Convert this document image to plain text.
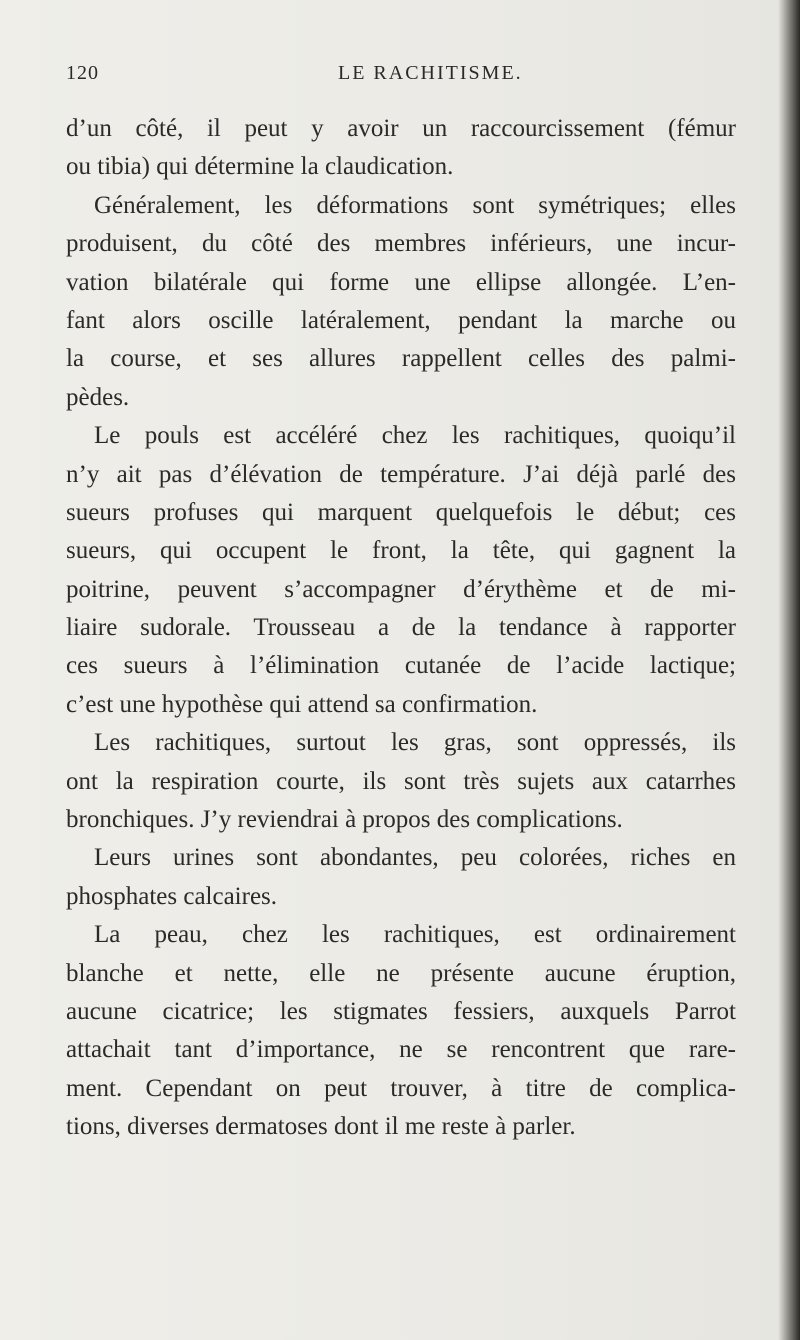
120	LE RACHITISME.
d’un côté, il peut y avoir un raccourcissement (fémur
ou tibia) qui détermine la claudication.
Généralement, les déformations sont symétriques; elles
produisent, du côté des membres inférieurs, une incur-
vation bilatérale qui forme une ellipse allongée. L’en-
fant alors oscille latéralement, pendant la marche ou
la course, et ses allures rappellent celles des palmi-
pèdes.
Le pouls est accéléré chez les rachitiques, quoiqu’il
n’y ait pas d’élévation de température. J’ai déjà parlé des
sueurs profuses qui marquent quelquefois le début; ces
sueurs, qui occupent le front, la tête, qui gagnent la
poitrine, peuvent s’accompagner d’érythème et de mi-
liaire sudorale. Trousseau a de la tendance à rapporter
ces sueurs à l’élimination cutanée de l’acide lactique;
c’est une hypothèse qui attend sa confirmation.
Les rachitiques, surtout les gras, sont oppressés, ils
ont la respiration courte, ils sont très sujets aux catarrhes
bronchiques. J’y reviendrai à propos des complications.
Leurs urines sont abondantes, peu colorées, riches en
phosphates calcaires.
La peau, chez les rachitiques, est ordinairement
blanche et nette, elle ne présente aucune éruption,
aucune cicatrice; les stigmates fessiers, auxquels Parrot
attachait tant d’importance, ne se rencontrent que rare-
ment. Cependant on peut trouver, à titre de complica-
tions, diverses dermatoses dont il me reste à parler.
